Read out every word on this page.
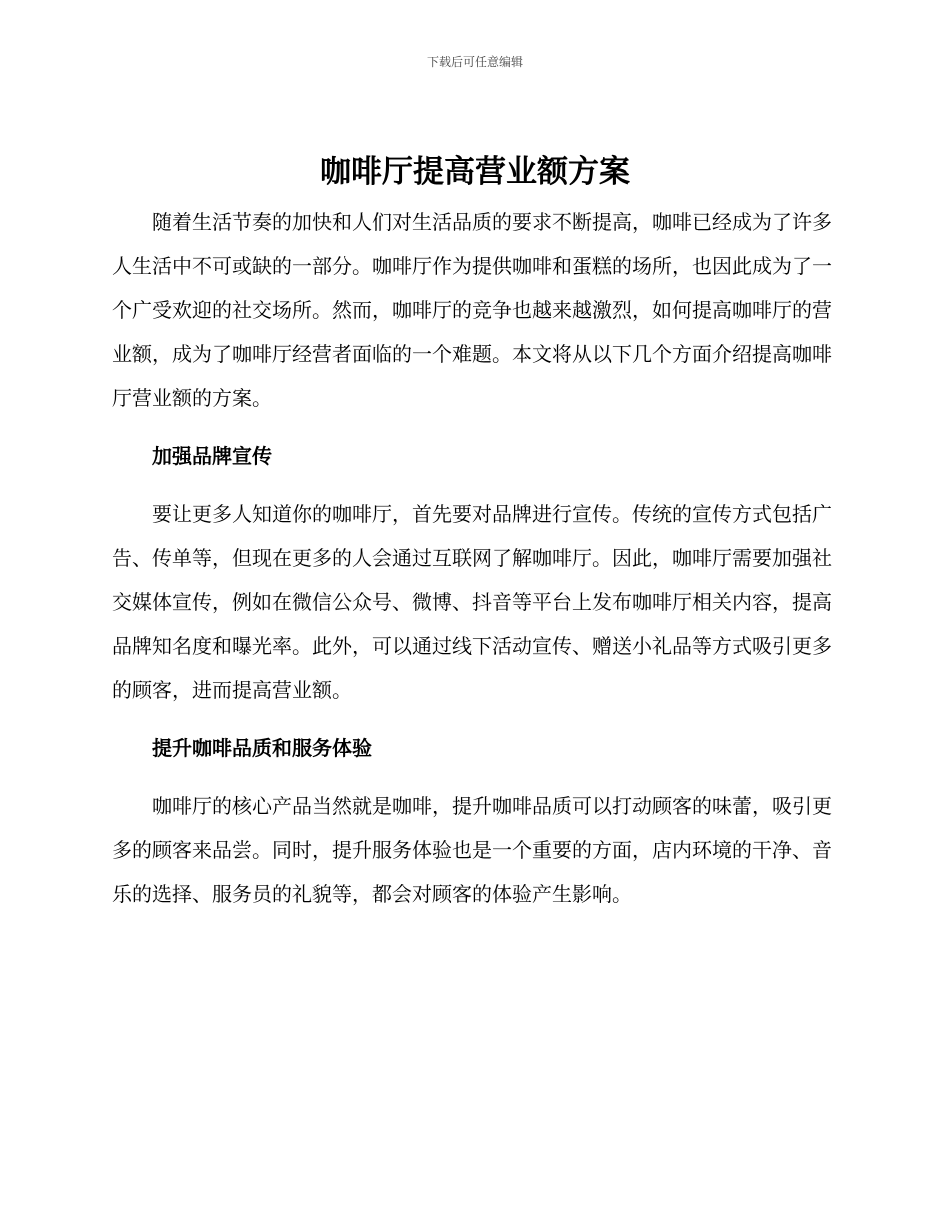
下载后可任意编辑
咖啡厅提高营业额方案

随着生活节奏的加快和人们对生活品质的要求不断提高，咖啡已经成为了许多人生活中不可或缺的一部分。咖啡厅作为提供咖啡和蛋糕的场所，也因此成为了一个广受欢迎的社交场所。然而，咖啡厅的竞争也越来越激烈，如何提高咖啡厅的营业额，成为了咖啡厅经营者面临的一个难题。本文将从以下几个方面介绍提高咖啡厅营业额的方案。

加强品牌宣传

要让更多人知道你的咖啡厅，首先要对品牌进行宣传。传统的宣传方式包括广告、传单等，但现在更多的人会通过互联网了解咖啡厅。因此，咖啡厅需要加强社交媒体宣传，例如在微信公众号、微博、抖音等平台上发布咖啡厅相关内容，提高品牌知名度和曝光率。此外，可以通过线下活动宣传、赠送小礼品等方式吸引更多的顾客，进而提高营业额。

提升咖啡品质和服务体验

咖啡厅的核心产品当然就是咖啡，提升咖啡品质可以打动顾客的味蕾，吸引更多的顾客来品尝。同时，提升服务体验也是一个重要的方面，店内环境的干净、音乐的选择、服务员的礼貌等，都会对顾客的体验产生影响。
